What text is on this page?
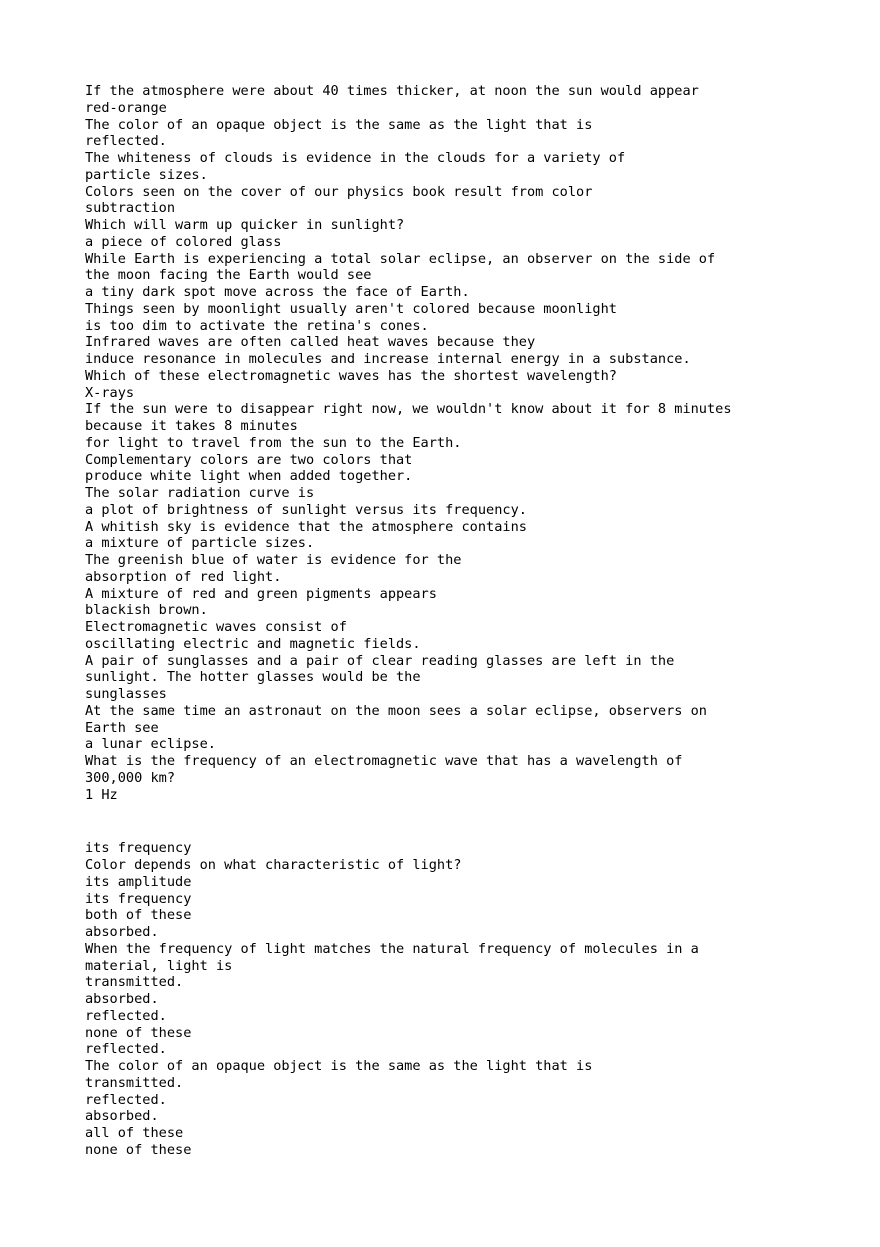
If the atmosphere were about 40 times thicker, at noon the sun would appear
red-orange
The color of an opaque object is the same as the light that is
reflected.
The whiteness of clouds is evidence in the clouds for a variety of
particle sizes.
Colors seen on the cover of our physics book result from color
subtraction
Which will warm up quicker in sunlight?
a piece of colored glass
While Earth is experiencing a total solar eclipse, an observer on the side of
the moon facing the Earth would see
a tiny dark spot move across the face of Earth.
Things seen by moonlight usually aren't colored because moonlight
is too dim to activate the retina's cones.
Infrared waves are often called heat waves because they
induce resonance in molecules and increase internal energy in a substance.
Which of these electromagnetic waves has the shortest wavelength?
X-rays
If the sun were to disappear right now, we wouldn't know about it for 8 minutes
because it takes 8 minutes
for light to travel from the sun to the Earth.
Complementary colors are two colors that
produce white light when added together.
The solar radiation curve is
a plot of brightness of sunlight versus its frequency.
A whitish sky is evidence that the atmosphere contains
a mixture of particle sizes.
The greenish blue of water is evidence for the
absorption of red light.
A mixture of red and green pigments appears
blackish brown.
Electromagnetic waves consist of
oscillating electric and magnetic fields.
A pair of sunglasses and a pair of clear reading glasses are left in the
sunlight. The hotter glasses would be the
sunglasses
At the same time an astronaut on the moon sees a solar eclipse, observers on
Earth see
a lunar eclipse.
What is the frequency of an electromagnetic wave that has a wavelength of
300,000 km?
1 Hz
its frequency
Color depends on what characteristic of light?
its amplitude
its frequency
both of these
absorbed.
When the frequency of light matches the natural frequency of molecules in a
material, light is
transmitted.
absorbed.
reflected.
none of these
reflected.
The color of an opaque object is the same as the light that is
transmitted.
reflected.
absorbed.
all of these
none of these
